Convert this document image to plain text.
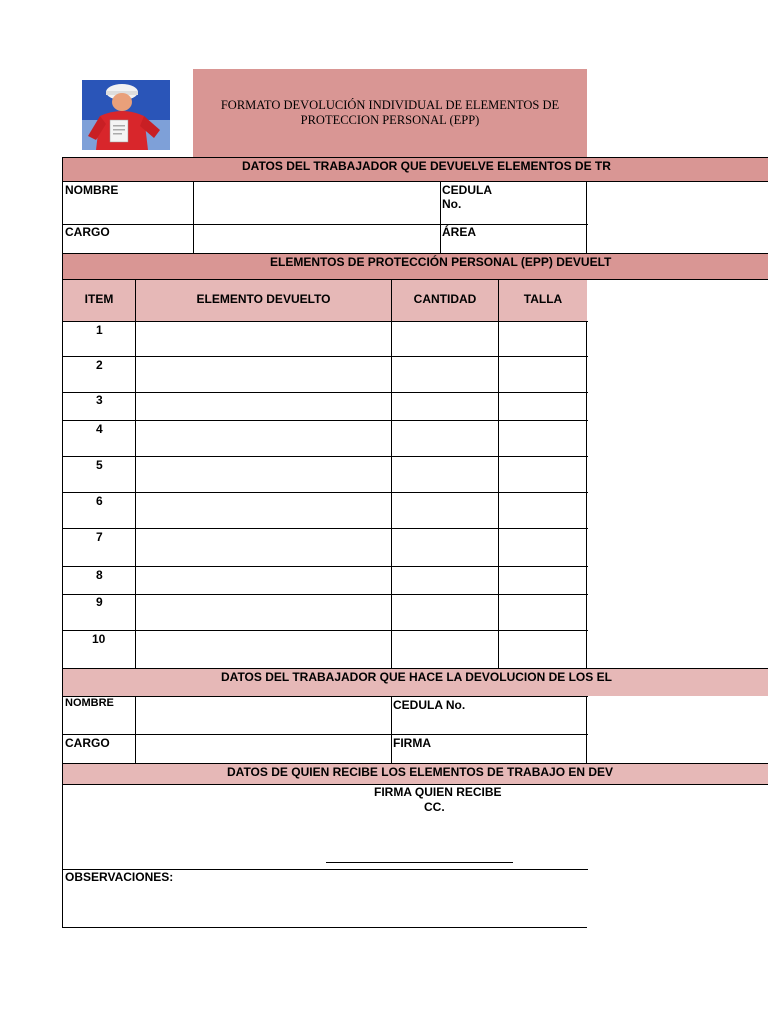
FORMATO DEVOLUCIÓN INDIVIDUAL DE ELEMENTOS DE
PROTECCION PERSONAL (EPP)
DATOS DEL TRABAJADOR QUE DEVUELVE ELEMENTOS DE TR
NOMBRE	CEDULA
No.
CARGO	ÁREA
ELEMENTOS DE PROTECCIÓN PERSONAL (EPP) DEVUELT
ITEM	ELEMENTO DEVUELTO	CANTIDAD	TALLA
1
2
3
4
5
6
7
8
9
10
DATOS DEL TRABAJADOR QUE HACE LA DEVOLUCION DE LOS EL
NOMBRE	CEDULA No.
CARGO	FIRMA
DATOS DE QUIEN RECIBE LOS ELEMENTOS DE TRABAJO EN DEV
FIRMA QUIEN RECIBE
CC.
OBSERVACIONES:
